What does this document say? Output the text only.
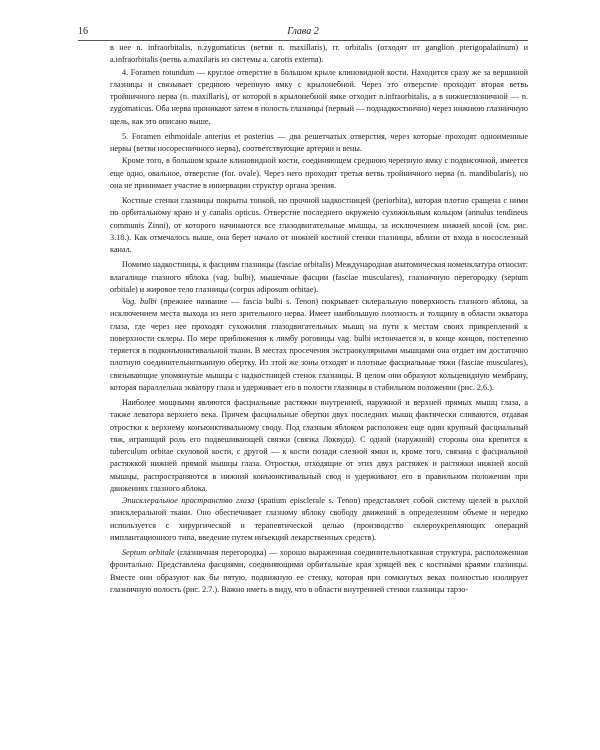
16	Глава 2

в нее n. infraorbitalis, n.zygomaticus (ветви n. maxillaris), rr. orbitalis (отходят от ganglion pterigopalatinum) и a.infraorbitalis (ветвь a.maxilaris из системы a. carotis externa).

4. Foramen rotundum — круглое отверстие в большом крыле клиновидной кости. Находится сразу же за вершиной глазницы и связывает среднюю черепную ямку с крылонебной. Через это отверстие проходит вторая ветвь тройничного нерва (n. maxillaris), от которой в крылонебной ямке отходит n.infraorbitalis, а в нижнеглазничной — n. zygomaticus. Оба нерва проникают затем в полость глазницы (первый — поднадкостнично) через нижнюю глазничную щель, как это описано выше.

5. Foramen ethmoidale anterius et posterius — два решетчатых отверстия, через которые проходят одноименные нервы (ветви носоресничного нерва), соответствующие артерии и вены.

Кроме того, в большом крыле клиновидной кости, соединяющем среднюю черепную ямку с подвисочной, имеется еще одно, овальное, отверстие (for. ovale). Через него проходит третья ветвь тройничного нерва (n. mandibularis), но она не принимает участие в иннервации структур органа зрения.

Костные стенки глазницы покрыты тонкой, но прочной надкостницей (periorbita), которая плотно сращена с ними по орбитальному краю и у canalis opticus. Отверстие последнего окружено сухожильным кольцом (annulus tendineus communis Zinni), от которого начинаются все глазодвигательные мышцы, за исключением нижней косой (см. рис. 3.18.). Как отмечалось выше, она берет начало от нижней костной стенки глазницы, вблизи от входа в носослезный канал.

Помимо надкостницы, к фасциям глазницы (fasciae orbitalis) Международная анатомическая номенклатура относит: влагалище глазного яблока (vag. bulbi), мышечные фасции (fasciae musculares), глазничную перегородку (septum orbitale) и жировое тело глазницы (corpus adiposum orbitae).

Vag. bulbi (прежнее название — fascia bulbi s. Tenon) покрывает склеральную поверхность глазного яблока, за исключением места выхода из него зрительного нерва. Имеет наибольшую плотность и толщину в области экватора глаза, где через нее проходят сухожилия глазодвигательных мышц на пути к местам своих прикреплений к поверхности склеры. По мере приближения к лимбу роговицы vag. bulbi истончается и, в конце концов, постепенно теряется в подконъюнктивальной ткани. В местах просечения экстраокулярными мышцами она отдает им достаточно плотную соединительнотканную обертку. Из этой же зоны отходят и плотные фасциальные тяжи (fasciae musculares), связывающие упомянутые мышцы с надкостницей стенок глазницы. В целом они образуют кольцевидную мембрану, которая параллельна экватору глаза и удерживает его в полости глазницы в стабильном положении (рис. 2.6.).

Наиболее мощными являются фасциальные растяжки внутренней, наружной и верхней прямых мышц глаза, а также леватора верхнего века. Причем фасциальные обертки двух последних мышц фактически сливаются, отдавая отростки к верхнему конъюнктивальному своду. Под глазным яблоком расположен еще один крупный фасциальный тяж, играющий роль его подвешивающей связки (связка Локвуда). С одной (наружной) стороны она крепится к tuberculum orbitae скуловой кости, с другой — к кости позади слезной ямки и, кроме того, связана с фасциальной растяжкой нижней прямой мышцы глаза. Отростки, отходящие от этих двух растяжек и растяжки нижней косой мышцы, распространяются в нижний конъюнктивальный свод и удерживают его в правильном положении при движениях глазного яблока.

Эписклеральное пространство глаза (spatium episclerale s. Tenon) представляет собой систему щелей в рыхлой эписклеральной ткани. Оно обеспечивает глазному яблоку свободу движений в определенном объеме и нередко используется с хирургической и терапевтической целью (производство склероукрепляющих операций имплантационного типа, введение путем инъекций лекарственных средств).

Septum orbitale (глазничная перегородка) — хорошо выраженная соединительнотканная структура, расположенная фронтально. Представлена фасциями, соединяющими орбитальные края хрящей век с костными краями глазницы. Вместе они образуют как бы пятую, подвижную ее стенку, которая при сомкнутых веках полностью изолирует глазничную полость (рис. 2.7.). Важно иметь в виду, что в области внутренней стенки глазницы тарзо-
